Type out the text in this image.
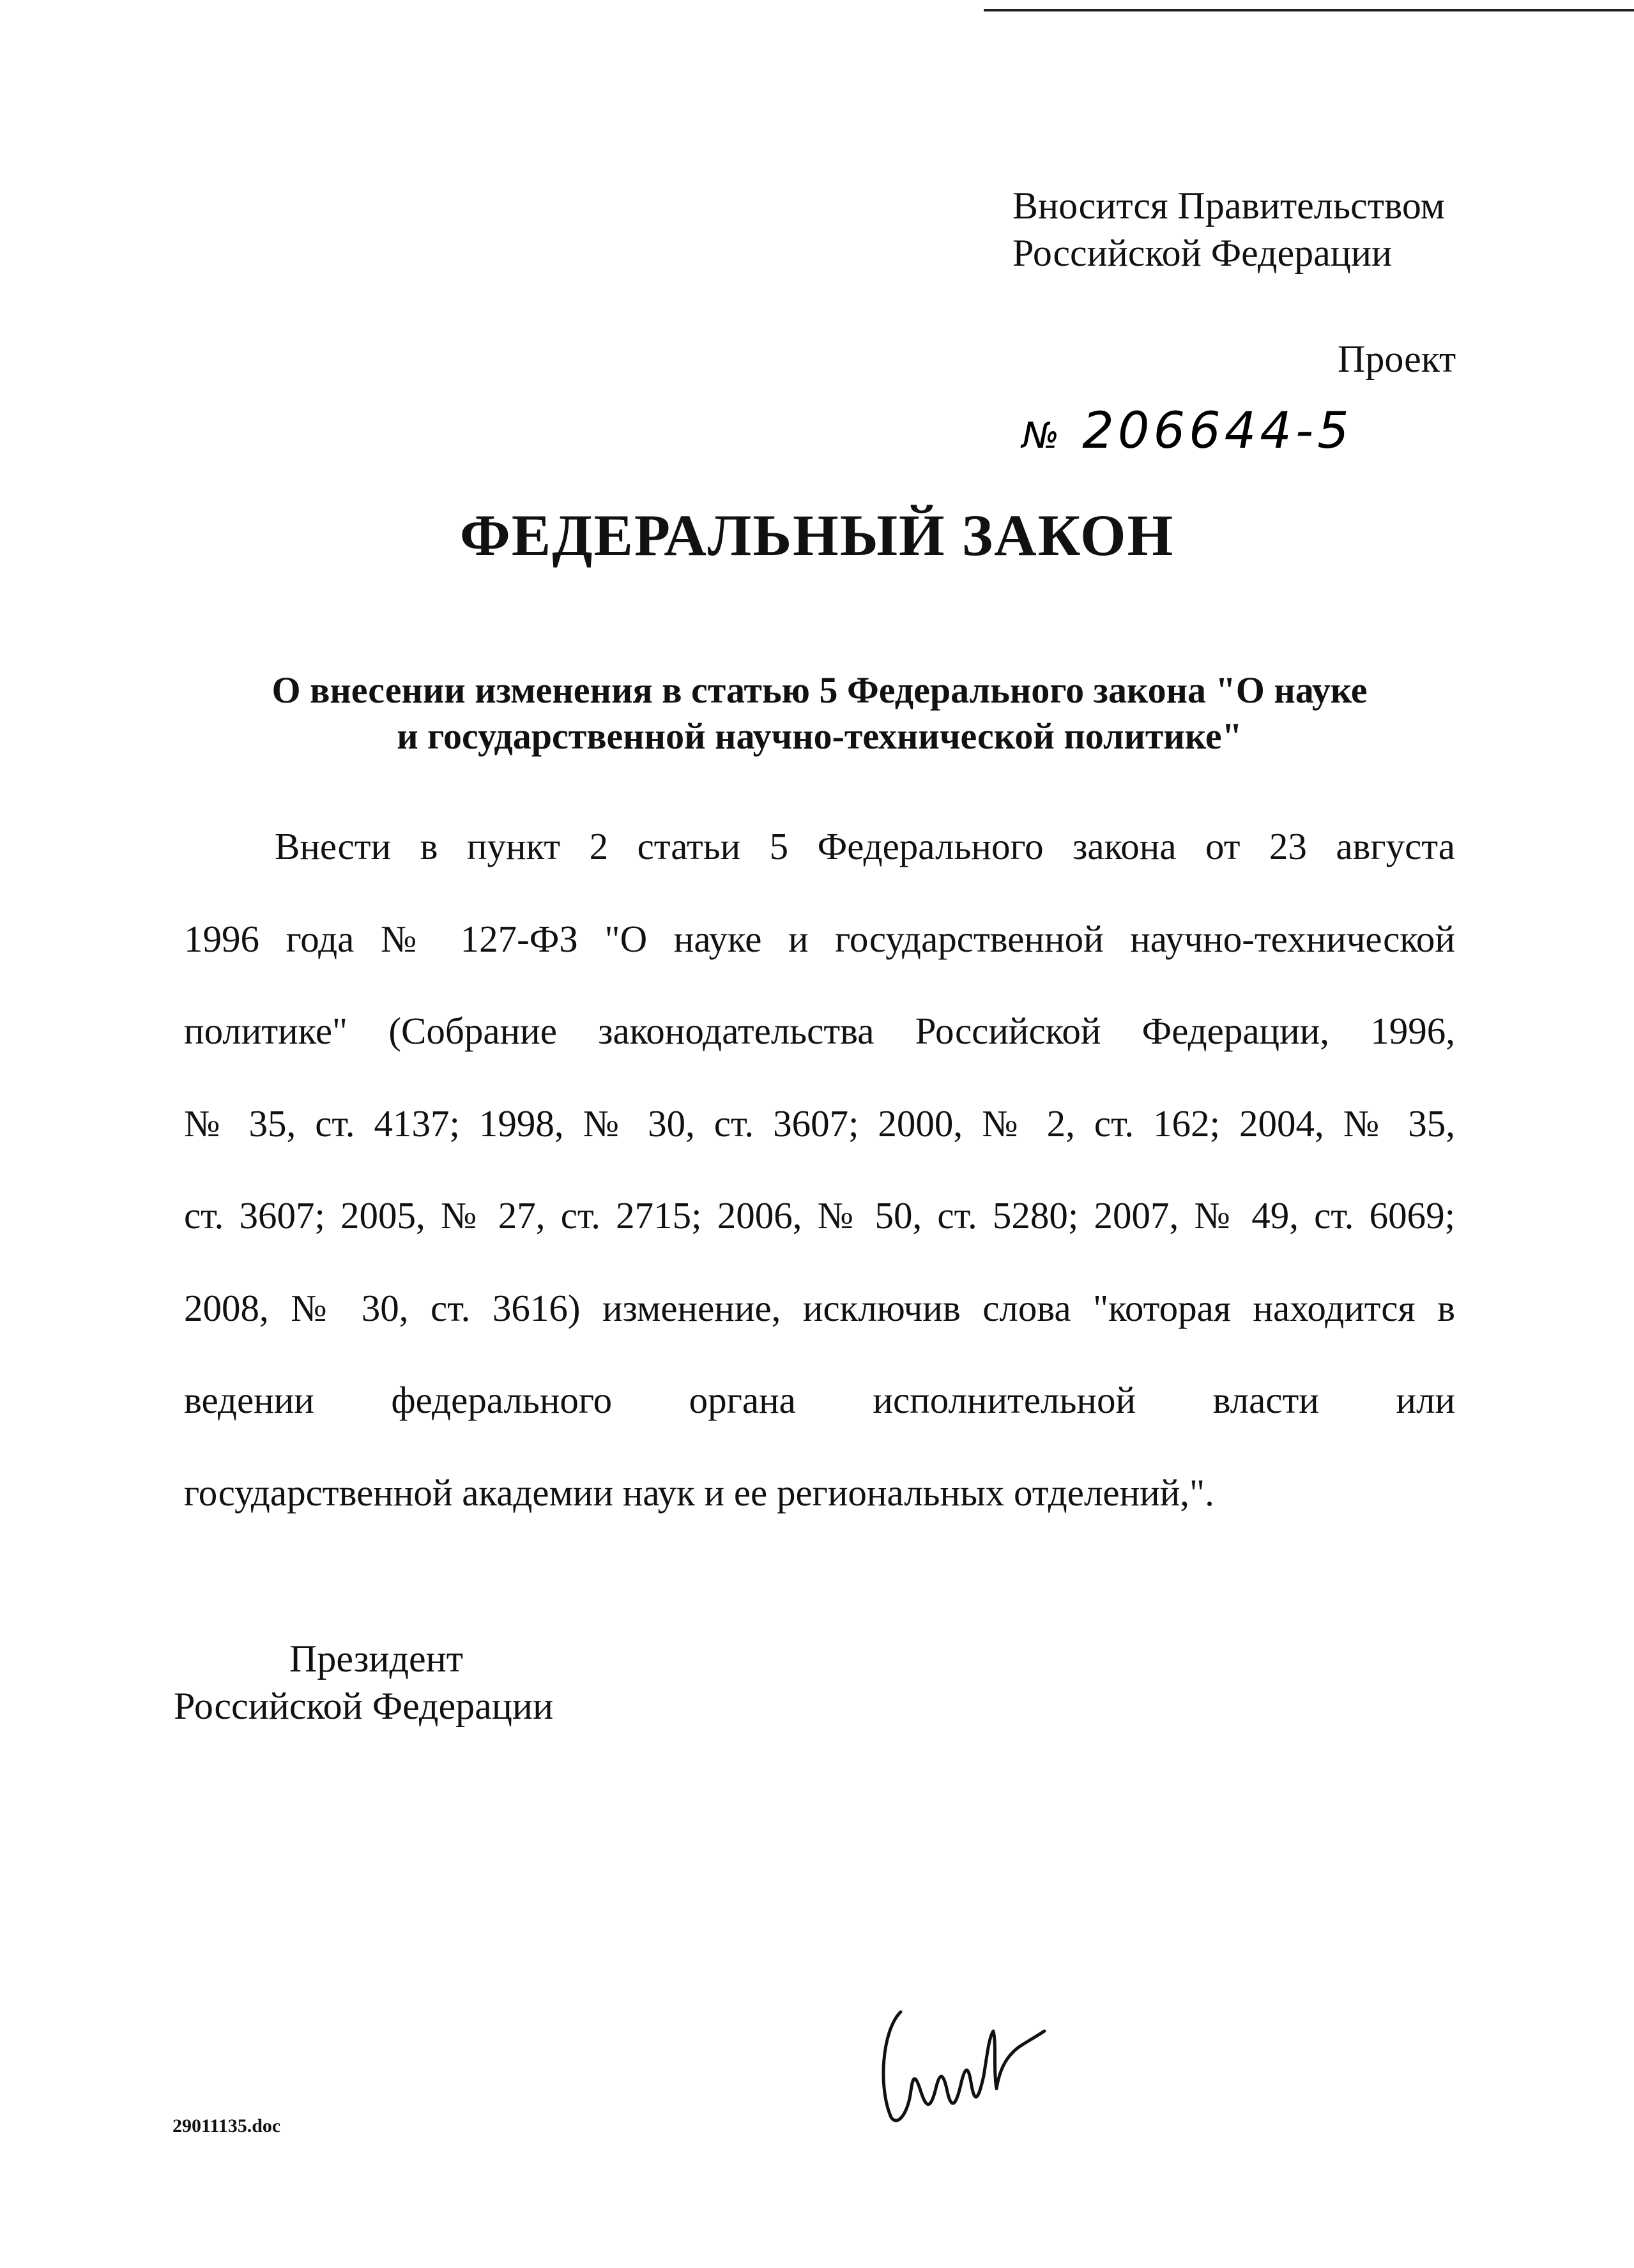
Вносится Правительством
Российской Федерации
Проект
№ 206644-5
ФЕДЕРАЛЬНЫЙ ЗАКОН
О внесении изменения в статью 5 Федерального закона "О науке
и государственной научно-технической политике"
Внести в пункт 2 статьи 5 Федерального закона от 23 августа
1996 года № 127-ФЗ "О науке и государственной научно-технической
политике" (Собрание законодательства Российской Федерации, 1996,
№ 35, ст. 4137; 1998, № 30, ст. 3607; 2000, № 2, ст. 162; 2004, № 35,
ст. 3607; 2005, № 27, ст. 2715; 2006, № 50, ст. 5280; 2007, № 49, ст. 6069;
2008, № 30, ст. 3616) изменение, исключив слова "которая находится в
ведении федерального органа исполнительной власти или
государственной академии наук и ее региональных отделений,".
Президент
Российской Федерации
29011135.doc
